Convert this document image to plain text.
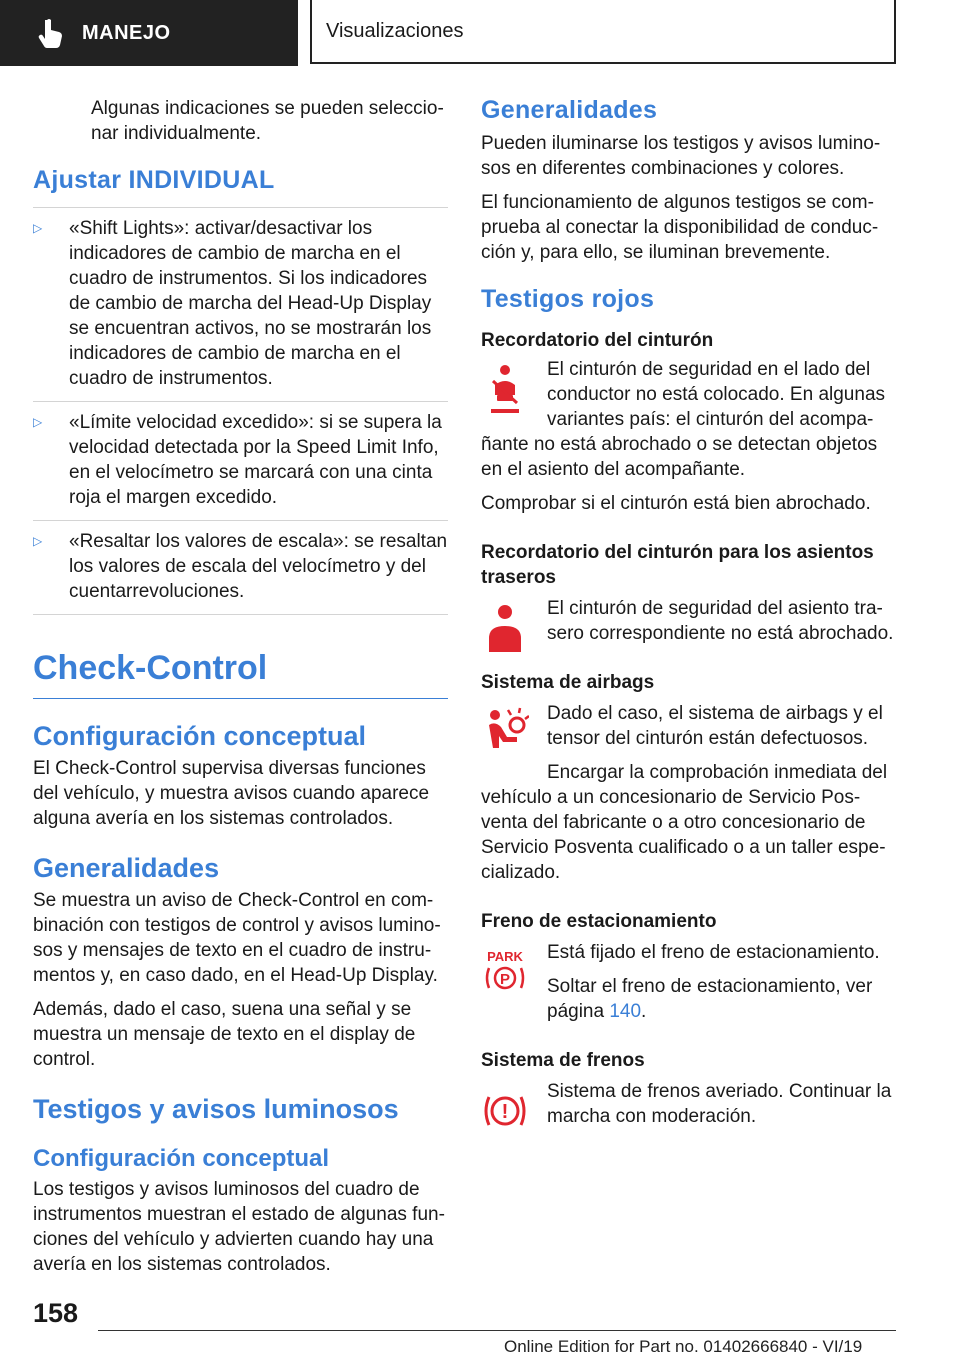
MANEJO	Visualizaciones

Algunas indicaciones se pueden seleccionar individualmente.

Ajustar INDIVIDUAL
▷	«Shift Lights»: activar/desactivar los indicadores de cambio de marcha en el cuadro de instrumentos. Si los indicadores de cambio de marcha del Head-Up Display se encuentran activos, no se mostrarán los indicadores de cambio de marcha en el cuadro de instrumentos.
▷	«Límite velocidad excedido»: si se supera la velocidad detectada por la Speed Limit Info, en el velocímetro se marcará con una cinta roja el margen excedido.
▷	«Resaltar los valores de escala»: se resaltan los valores de escala del velocímetro y del cuentarrevoluciones.
Check-Control
Configuración conceptual

El Check-Control supervisa diversas funciones del vehículo, y muestra avisos cuando aparece alguna avería en los sistemas controlados.

Generalidades

Se muestra un aviso de Check-Control en combinación con testigos de control y avisos luminosos y mensajes de texto en el cuadro de instrumentos y, en caso dado, en el Head-Up Display.

Además, dado el caso, suena una señal y se muestra un mensaje de texto en el display de control.

Testigos y avisos luminosos
Configuración conceptual

Los testigos y avisos luminosos del cuadro de instrumentos muestran el estado de algunas funciones del vehículo y advierten cuando hay una avería en los sistemas controlados.

Generalidades

Pueden iluminarse los testigos y avisos luminosos en diferentes combinaciones y colores.

El funcionamiento de algunos testigos se comprueba al conectar la disponibilidad de conducción y, para ello, se iluminan brevemente.

Testigos rojos

Recordatorio del cinturón

El cinturón de seguridad en el lado del conductor no está colocado. En algunas variantes país: el cinturón del acompa-

ñante no está abrochado o se detectan objetos en el asiento del acompañante.

Comprobar si el cinturón está bien abrochado.

Recordatorio del cinturón para los asientos traseros

El cinturón de seguridad del asiento trasero correspondiente no está abrochado.

Sistema de airbags

Dado el caso, el sistema de airbags y el tensor del cinturón están defectuosos.

Encargar la comprobación inmediata del

vehículo a un concesionario de Servicio Posventa del fabricante o a otro concesionario de Servicio Posventa cualificado o a un taller especializado.

Freno de estacionamiento

PARK
P

Está fijado el freno de estacionamiento.

Soltar el freno de estacionamiento, ver página 140.

Sistema de frenos

!

Sistema de frenos averiado. Continuar la marcha con moderación.

158
Online Edition for Part no. 01402666840 - VI/19
